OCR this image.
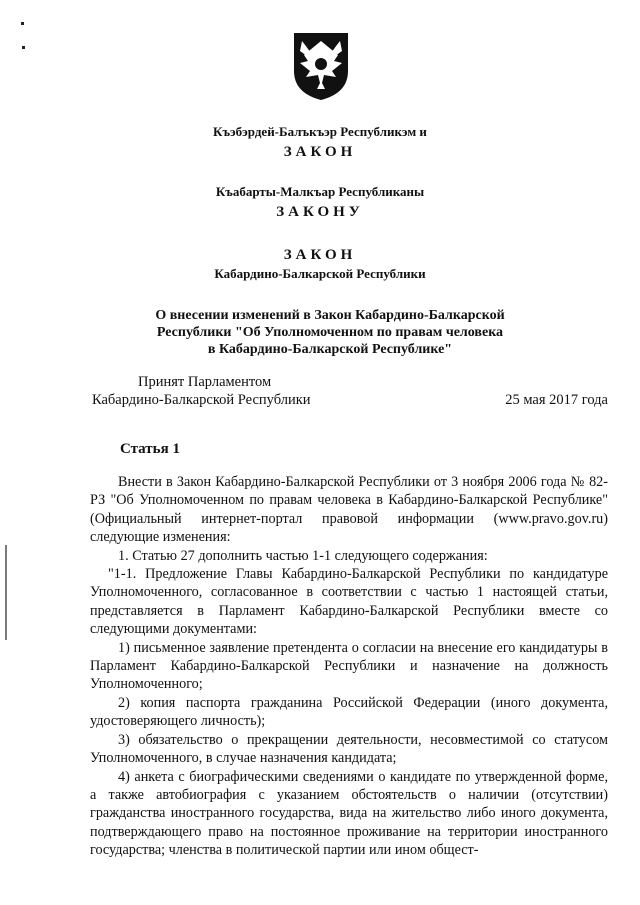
Къэбэрдей-Балъкъэр Республикэм и
ЗАКОН
Къабарты-Малкъар Республиканы
ЗАКОНУ
ЗАКОН
Кабардино-Балкарской Республики
О внесении изменений в Закон Кабардино-Балкарской
Республики "Об Уполномоченном по правам человека
в Кабардино-Балкарской Республике"
Принят Парламентом
Кабардино-Балкарской Республики	25 мая 2017 года
Статья 1

Внести в Закон Кабардино-Балкарской Республики от 3 ноября 2006 года № 82-РЗ "Об Уполномоченном по правам человека в Кабардино-Балкарской Республике" (Официальный интернет-портал правовой информации (www.pravo.gov.ru) следующие изменения:

1. Статью 27 дополнить частью 1-1 следующего содержания:

"1-1. Предложение Главы Кабардино-Балкарской Республики по кандидатуре Уполномоченного, согласованное в соответствии с частью 1 настоящей статьи, представляется в Парламент Кабардино-Балкарской Республики вместе со следующими документами:

1) письменное заявление претендента о согласии на внесение его кандидатуры в Парламент Кабардино-Балкарской Республики и назначение на должность Уполномоченного;

2) копия паспорта гражданина Российской Федерации (иного документа, удостоверяющего личность);

3) обязательство о прекращении деятельности, несовместимой со статусом Уполномоченного, в случае назначения кандидата;

4) анкета с биографическими сведениями о кандидате по утвержденной форме, а также автобиография с указанием обстоятельств о наличии (отсутствии) гражданства иностранного государства, вида на жительство либо иного документа, подтверждающего право на постоянное проживание на территории иностранного государства; членства в политической партии или ином общест-
